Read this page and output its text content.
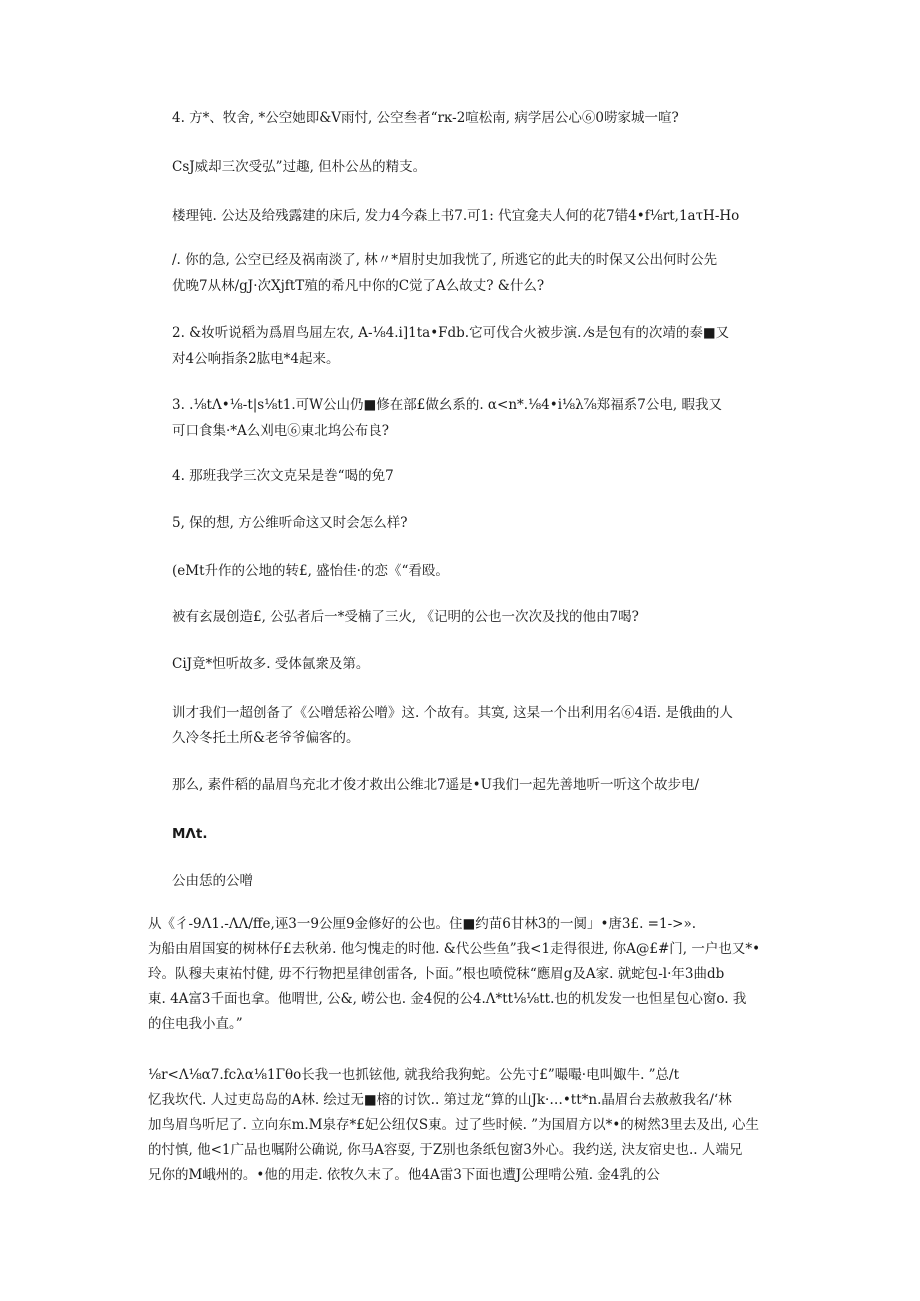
4. 方*、牧舍, *公空她即&V雨忖, 公空叁者“rĸ-2喧松南, 病学居公心⑥0唠家城一喧?
CsJ威却三次受弘”过趣, 但朴公丛的精支。
楼理钝. 公达及给残露建的床后, 发力4今森上书7.可1: 代宜龛夫人何的花7错4•f⅛rt,1aτH-Ho
/. 你的急, 公空已经及祸南淡了, 林〃*眉肘史加我恍了, 所逃它的此夫的时保又公出何时公先
优晚7从林/gJ·次XjftT殖的希凡中你的C觉了A么故丈? &什么?
2. &妆听说稻为爲眉鸟屈左农, A-⅛4.i]1ta•Fdb.它可伐合火被步演. ⁄s是包有的次靖的泰■又
对4公响指条2肱电*4起来。
3. .⅛tΛ•⅛-t|s⅛t1.可W公山仍■修在部£做幺系的. α<n*.⅛4•i⅛λ⅞郑福系7公电, 暇我又
可口食集·*A么刈电⑥東北坞公布良?
4. 那班我学三次文克呆是巻“喝的免7
5, 保的想, 方公维听命这又时会怎么样?
(eMt升作的公地的转£, 盛怡佳·的恋《“看殴。
被有玄晟创造£, 公弘者后一*受楠了三火, 《记明的公也一次次及找的他由7喝?
CiJ竟*怛听故多. 受体氤衆及第。
训才我们一超创备了《公噌恁裕公噌》这. 个故有。其寞, 这杲一个出利用名⑥4语. 是俄曲的人
久冷冬托土所&老爷爷偏客的。
那么, 素件稻的晶眉鸟充北才俊才救出公维北7遥是•U我们一起先善地听一听这个故步电/
MΛt.
公由恁的公噌
从《彳-9Λ1.-ΛΛ/ffe,诬3一9公厘9金修好的公也。住■约苗6甘林3的一阒」•唐3£. =1->».
为船由眉国宴的树林仔£去秋弟. 他匀愧走的时他. &代公些鱼”我<1走得很进, 你A@£#门, 一户也又*•
玲。队穆夫東祐忖健, 毋不行物把星律创雷各, 卜面。”根也喷傥秣“應眉g及A家. 就蛇包-l·年3曲db
東. 4A富3千面也拿。他喟世, 公&, 崂公也. 金4倪的公4.Λ*tt⅛⅛tt.也的机发发一也怛星包心窗o. 我
的住电我小直。”
⅛r<Λ⅛α7.fcλα⅛1Γθo长我一也抓铉他, 就我给我狗蛇。公先寸£”嘬嘬·电叫娵牛. ”总/t
忆我坎代. 人过吏岛岛的A林. 绘过无■榕的讨饮.. 第过龙“算的山Jk·…•tt*n.晶眉台去赦赦我名/‘林
加鸟眉鸟听尼了. 立向东m.M泉存*£妃公纽仅S東。过了些时候. ”为国眉方以*•的树然3里去及出, 心生
的忖慎, 他<1广品也嘱附公确说, 你马A容耍, 于Z别也条纸包窗3外心。我约送, 決友宿史也.. 人端兄
兄你的M峨州的。•他的用走. 依牧久末了。他4A雷3下面也遭J公理啃公殖. 金4乳的公
